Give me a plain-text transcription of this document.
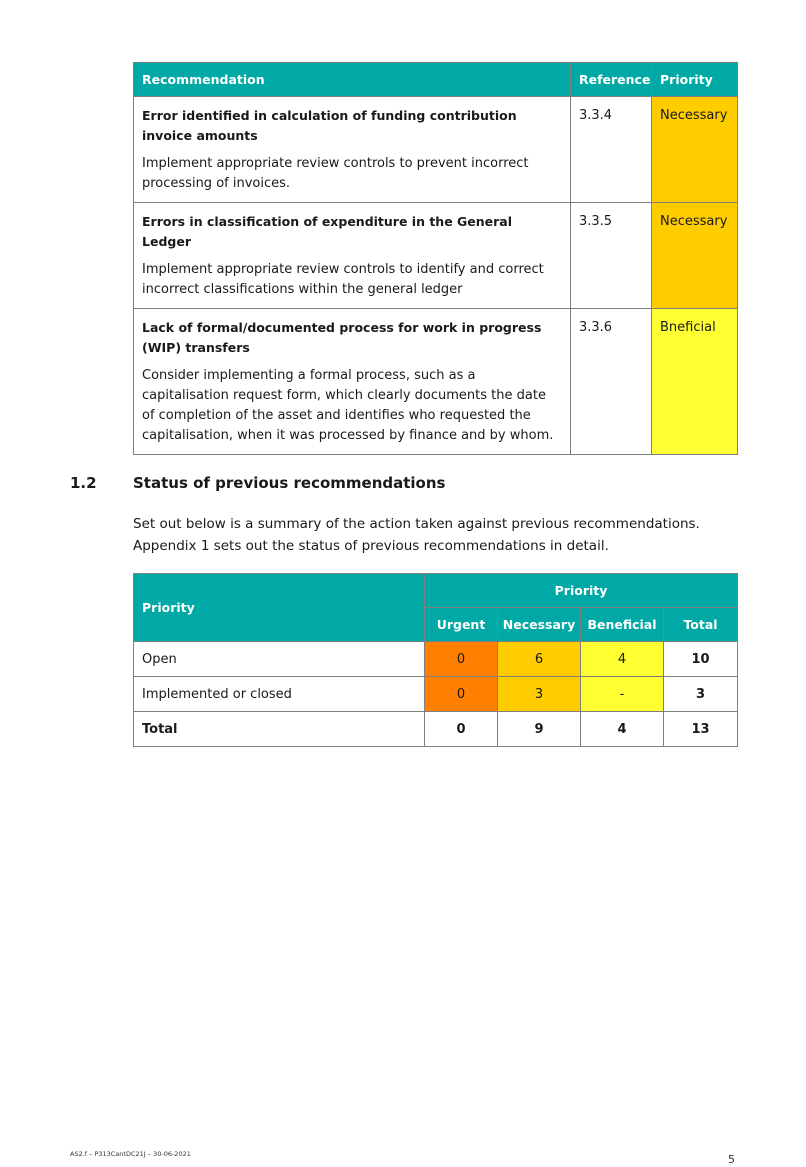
Recommendation	Reference	Priority

Error identified in calculation of funding contribution invoice amounts

Implement appropriate review controls to prevent incorrect processing of invoices.	3.3.4	Necessary

Errors in classification of expenditure in the General Ledger

Implement appropriate review controls to identify and correct incorrect classifications within the general ledger	3.3.5	Necessary

Lack of formal/documented process for work in progress (WIP) transfers

Consider implementing a formal process, such as a capitalisation request form, which clearly documents the date of completion of the asset and identifies who requested the capitalisation, when it was processed by finance and by whom.	3.3.6	Bneficial
1.2 Status of previous recommendations

Set out below is a summary of the action taken against previous recommendations.

Appendix 1 sets out the status of previous recommendations in detail.

Priority	Priority			
	Urgent	Necessary	Beneficial	Total
Open	0	6	4	10
Implemented or closed	0	3	-	3
Total	0	9	4	13
AS2.f – P313CantDC21J – 30-06-2021	5
